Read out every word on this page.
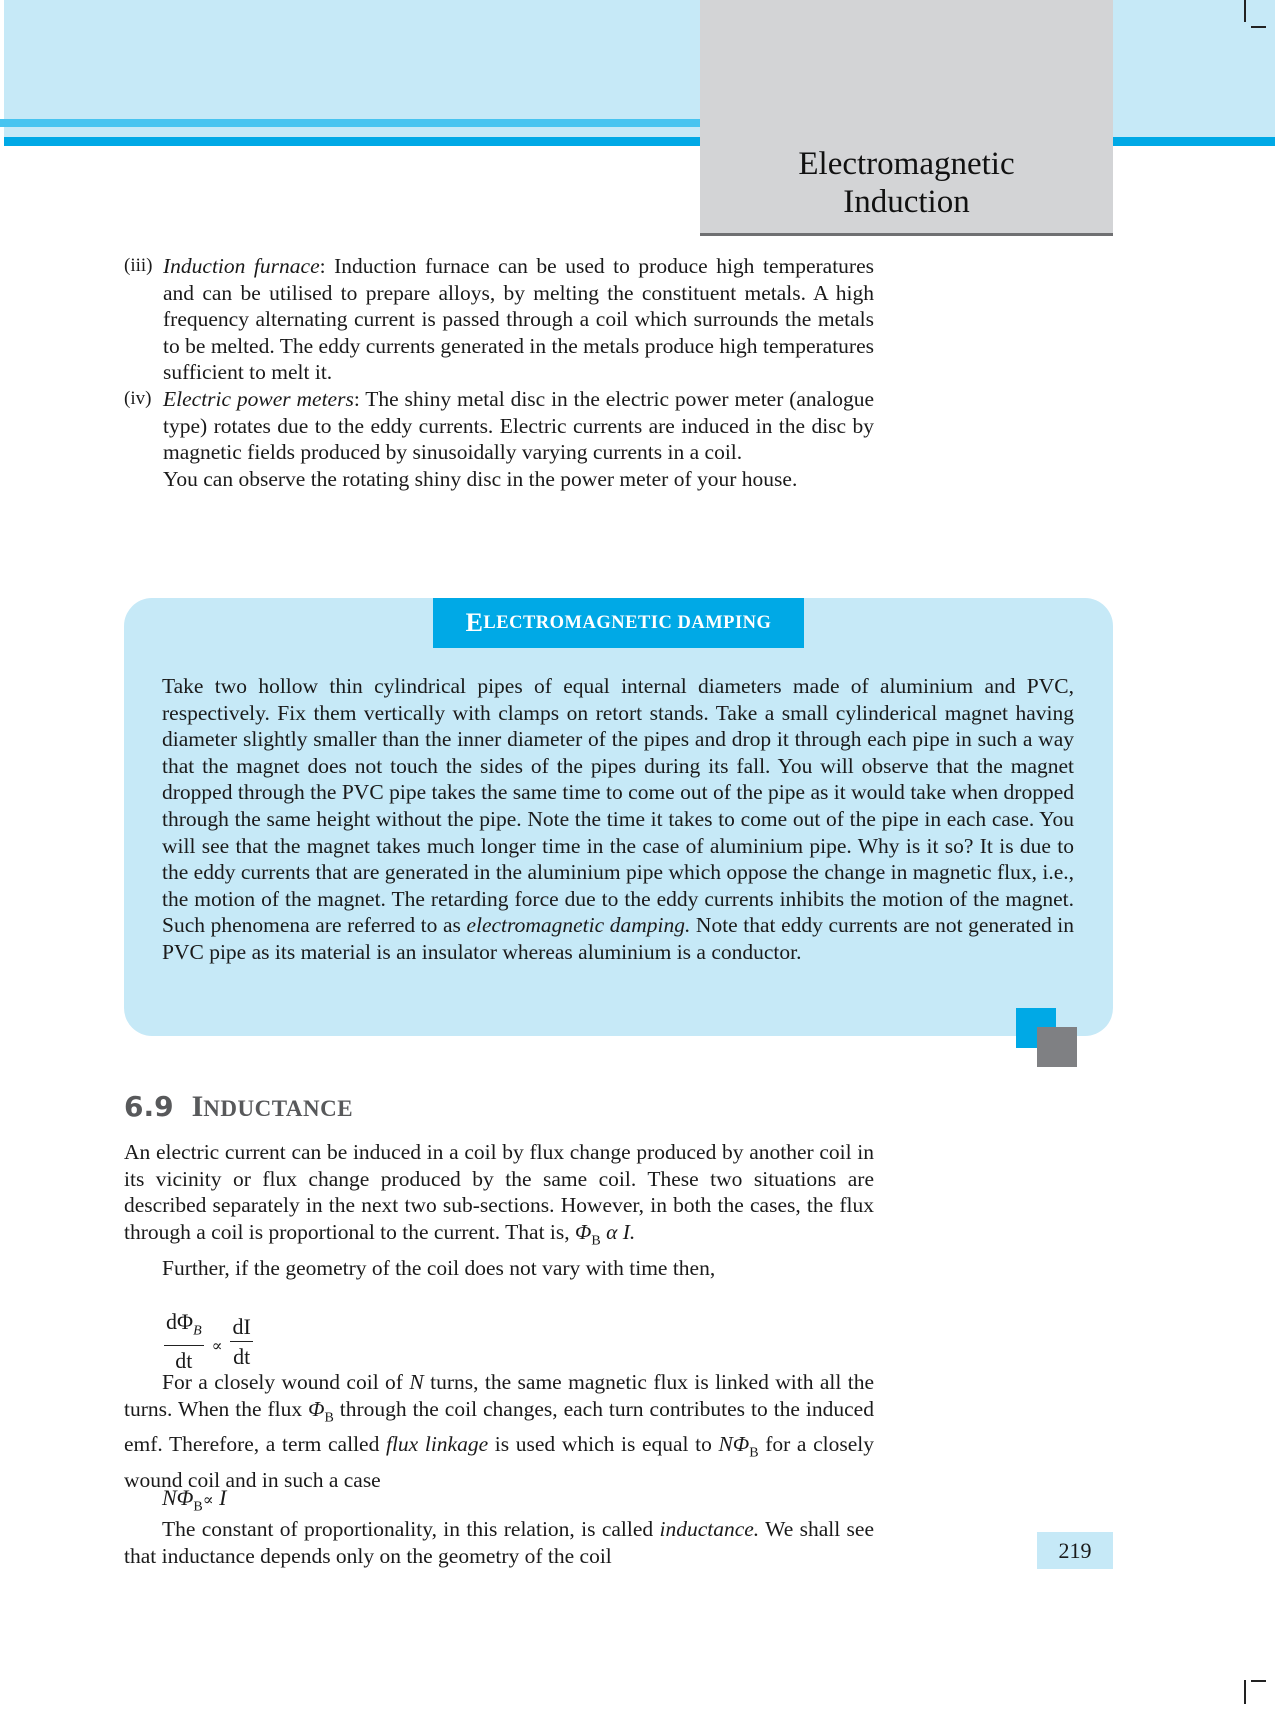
Electromagnetic
Induction
(iii) Induction furnace: Induction furnace can be used to produce high temperatures and can be utilised to prepare alloys, by melting the constituent metals. A high frequency alternating current is passed through a coil which surrounds the metals to be melted. The eddy currents generated in the metals produce high temperatures sufficient to melt it.
(iv) Electric power meters: The shiny metal disc in the electric power meter (analogue type) rotates due to the eddy currents. Electric currents are induced in the disc by magnetic fields produced by sinusoidally varying currents in a coil.
You can observe the rotating shiny disc in the power meter of your house.
E LECTROMAGNETIC DAMPING
Take two hollow thin cylindrical pipes of equal internal diameters made of aluminium and PVC, respectively. Fix them vertically with clamps on retort stands. Take a small cylinderical magnet having diameter slightly smaller than the inner diameter of the pipes and drop it through each pipe in such a way that the magnet does not touch the sides of the pipes during its fall. You will observe that the magnet dropped through the PVC pipe takes the same time to come out of the pipe as it would take when dropped through the same height without the pipe. Note the time it takes to come out of the pipe in each case. You will see that the magnet takes much longer time in the case of aluminium pipe. Why is it so? It is due to the eddy currents that are generated in the aluminium pipe which oppose the change in magnetic flux, i.e., the motion of the magnet. The retarding force due to the eddy currents inhibits the motion of the magnet. Such phenomena are referred to as electromagnetic damping. Note that eddy currents are not generated in PVC pipe as its material is an insulator whereas aluminium is a conductor.
6.9 INDUCTANCE
An electric current can be induced in a coil by flux change produced by another coil in its vicinity or flux change produced by the same coil. These two situations are described separately in the next two sub-sections. However, in both the cases, the flux through a coil is proportional to the current. That is, $\Phi_B$ α I.
Further, if the geometry of the coil does not vary with time then,
$\frac{d\Phi_B}{dt} \propto \frac{dI}{dt}$
For a closely wound coil of N turns, the same magnetic flux is linked with all the turns. When the flux $\Phi_B$ through the coil changes, each turn contributes to the induced emf. Therefore, a term called flux linkage is used which is equal to $N\Phi_B$ for a closely wound coil and in such a case
$N\Phi_B\propto I$
The constant of proportionality, in this relation, is called inductance. We shall see that inductance depends only on the geometry of the coil	219
